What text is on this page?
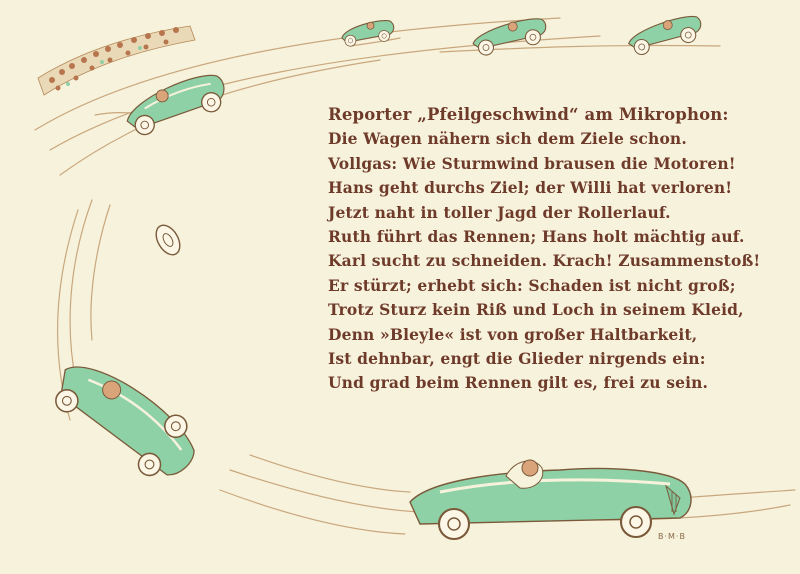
Reporter „Pfeilgeschwind“ am Mikrophon:
Die Wagen nähern sich dem Ziele schon.
Vollgas: Wie Sturmwind brausen die Motoren!
Hans geht durchs Ziel; der Willi hat verloren!
Jetzt naht in toller Jagd der Rollerlauf.
Ruth führt das Rennen; Hans holt mächtig auf.
Karl sucht zu schneiden. Krach! Zusammenstoß!
Er stürzt; erhebt sich: Schaden ist nicht groß;
Trotz Sturz kein Riß und Loch in seinem Kleid,
Denn »Bleyle« ist von großer Haltbarkeit,
Ist dehnbar, engt die Glieder nirgends ein:
Und grad beim Rennen gilt es, frei zu sein.
B·M·B
